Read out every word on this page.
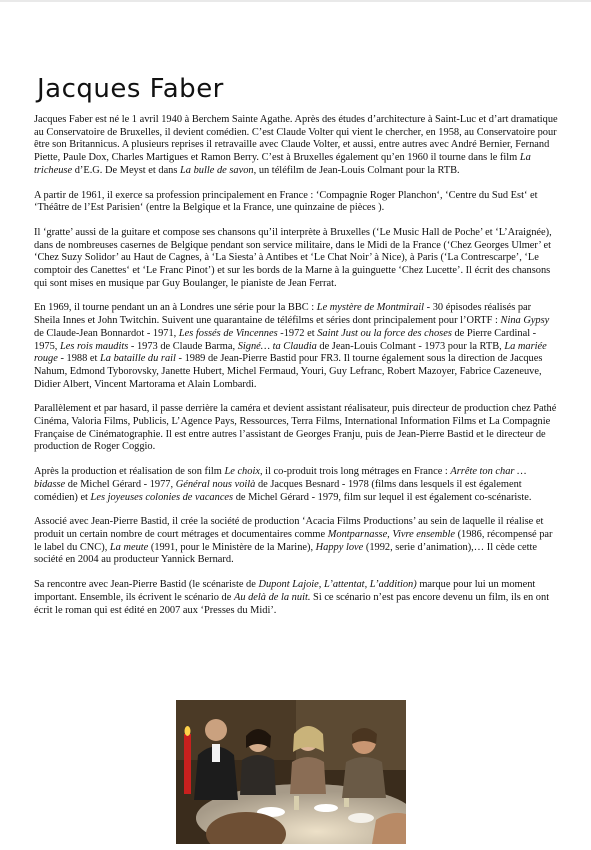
Jacques Faber

Jacques Faber est né le 1 avril 1940 à Berchem Sainte Agathe. Après des études d’architecture à Saint-Luc et d’art dramatique au Conservatoire de Bruxelles, il devient comédien. C’est Claude Volter qui vient le chercher, en 1958, au Conservatoire pour être son Britannicus. A plusieurs reprises il retravaille avec Claude Volter, et aussi, entre autres avec André Bernier, Fernand Piette, Paule Dox, Charles Martigues et Ramon Berry. C’est à Bruxelles également qu’en 1960 il tourne dans le film La tricheuse d’E.G. De Meyst et dans La bulle de savon, un téléfilm de Jean-Louis Colmant pour la RTB.

A partir de 1961, il exerce sa profession principalement en France : ‘Compagnie Roger Planchon‘, ‘Centre du Sud Est‘ et ‘Théâtre de l’Est Parisien‘ (entre la Belgique et la France, une quinzaine de pièces ).

Il ‘gratte’ aussi de la guitare et compose ses chansons qu’il interprète à Bruxelles (‘Le Music Hall de Poche’ et ‘L’Araignée), dans de nombreuses casernes de Belgique pendant son service militaire, dans le Midi de la France (‘Chez Georges Ulmer’ et ‘Chez Suzy Solidor’ au Haut de Cagnes, à ‘La Siesta’ à Antibes et ‘Le Chat Noir’ à Nice), à Paris (‘La Contrescarpe’, ‘Le comptoir des Canettes‘ et ‘Le Franc Pinot’) et sur les bords de la Marne à la guinguette ‘Chez Lucette’. Il écrit des chansons qui sont mises en musique par Guy Boulanger, le pianiste de Jean Ferrat.

En 1969, il tourne pendant un an à Londres une série pour la BBC : Le mystère de Montmirail - 30 épisodes réalisés par Sheila Innes et John Twitchin. Suivent une quarantaine de téléfilms et séries dont principalement pour l’ORTF : Nina Gypsy de Claude-Jean Bonnardot - 1971, Les fossés de Vincennes -1972 et Saint Just ou la force des choses de Pierre Cardinal - 1975, Les rois maudits - 1973 de Claude Barma, Signé… ta Claudia de Jean-Louis Colmant - 1973 pour la RTB, La mariée rouge - 1988 et La bataille du rail - 1989 de Jean-Pierre Bastid pour FR3. Il tourne également sous la direction de Jacques Nahum, Edmond Tyborovsky, Janette Hubert, Michel Fermaud, Youri, Guy Lefranc, Robert Mazoyer, Fabrice Cazeneuve, Didier Albert, Vincent Martorama et Alain Lombardi.

Parallèlement et par hasard, il passe derrière la caméra et devient assistant réalisateur, puis directeur de production chez Pathé Cinéma, Valoria Films, Publicis, L’Agence Pays, Ressources, Terra Films, International Information Films et La Compagnie Française de Cinématographie. Il est entre autres l’assistant de Georges Franju, puis de Jean-Pierre Bastid et le directeur de production de Roger Coggio.

Après la production et réalisation de son film Le choix, il co-produit trois long métrages en France : Arrête ton char … bidasse de Michel Gérard - 1977, Général nous voilà de Jacques Besnard - 1978 (films dans lesquels il est également comédien) et Les joyeuses colonies de vacances de Michel Gérard - 1979, film sur lequel il est également co-scénariste.

Associé avec Jean-Pierre Bastid, il crée la société de production ‘Acacia Films Productions’ au sein de laquelle il réalise et produit un certain nombre de court métrages et documentaires comme Montparnasse, Vivre ensemble (1986, récompensé par le label du CNC), La meute (1991, pour le Ministère de la Marine), Happy love (1992, serie d’animation),… Il cède cette société en 2004 au producteur Yannick Bernard.

Sa rencontre avec Jean-Pierre Bastid (le scénariste de Dupont Lajoie, L’attentat, L’addition) marque pour lui un moment important. Ensemble, ils écrivent le scénario de Au delà de la nuit. Si ce scénario n’est pas encore devenu un film, ils en ont écrit le roman qui est édité en 2007 aux ‘Presses du Midi’.
